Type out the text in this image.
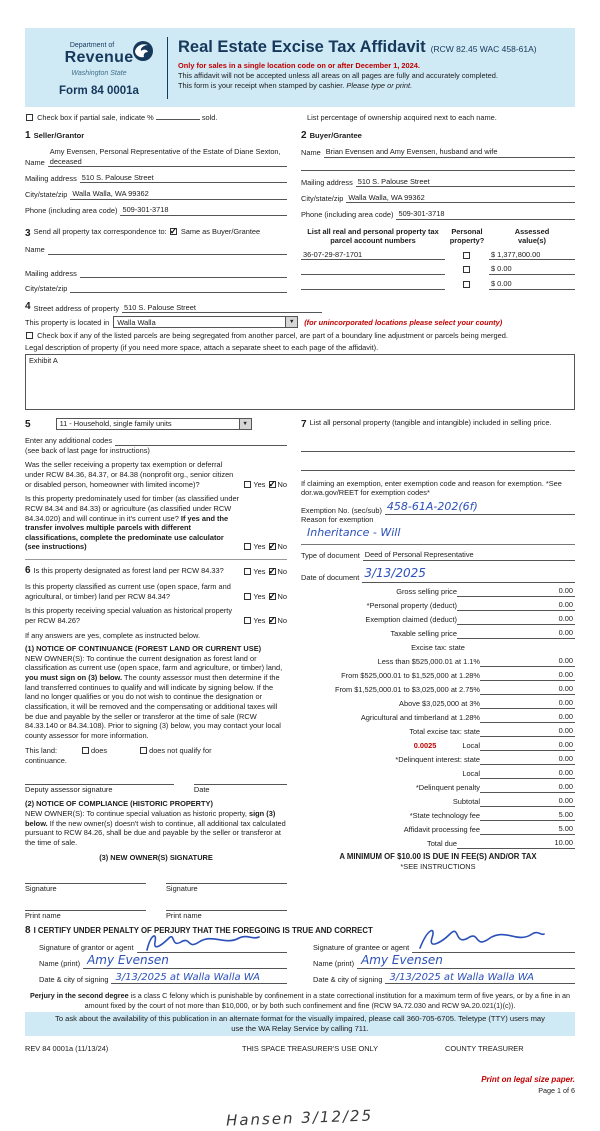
Department of
Revenue
Washington State
Form 84 0001a
Real Estate Excise Tax Affidavit (RCW 82.45 WAC 458-61A)
Only for sales in a single location code on or after December 1, 2024.
This affidavit will not be accepted unless all areas on all pages are fully and accurately completed.
This form is your receipt when stamped by cashier. Please type or print.
Check box if partial sale, indicate %	sold.	List percentage of ownership acquired next to each name.
1 Seller/Grantor
Name
Amy Evensen, Personal Representative of the Estate of Diane Sexton, deceased
Mailing address 510 S. Palouse Street
City/state/zip Walla Walla, WA 99362
Phone (including area code) 509-301-3718
2 Buyer/Grantee
Name Brian Evensen and Amy Evensen, husband and wife
Mailing address 510 S. Palouse Street
City/state/zip Walla Walla, WA 99362
Phone (including area code) 509-301-3718
3 Send all property tax correspondence to: ✓ Same as Buyer/Grantee
Name
Mailing address
City/state/zip
List all real and personal property tax parcel account numbers
Personal
property?
Assessed
value(s)
36-07-29-87-1701	$ 1,377,800.00
$ 0.00
$ 0.00
4 Street address of property 510 S. Palouse Street
This property is located in	Walla Walla	▼	(for unincorporated locations please select your county)
Check box if any of the listed parcels are being segregated from another parcel, are part of a boundary line adjustment or parcels being merged.
Legal description of property (if you need more space, attach a separate sheet to each page of the affidavit).
Exhibit A
5	11 - Household, single family units	▼
Enter any additional codes
(see back of last page for instructions)
Was the seller receiving a property tax exemption or deferral under RCW 84.36, 84.37, or 84.38 (nonprofit org., senior citizen or disabled person, homeowner with limited income)?	Yes ✓ No
Is this property predominately used for timber (as classified under RCW 84.34 and 84.33) or agriculture (as classified under RCW 84.34.020) and will continue in it's current use? If yes and the transfer involves multiple parcels with different classifications, complete the predominate use calculator (see instructions)	Yes ✓ No
6 Is this property designated as forest land per RCW 84.33?	Yes ✓ No
Is this property classified as current use (open space, farm and agricultural, or timber) land per RCW 84.34?	Yes ✓ No
Is this property receiving special valuation as historical property per RCW 84.26?	Yes ✓ No
If any answers are yes, complete as instructed below.
(1) NOTICE OF CONTINUANCE (FOREST LAND OR CURRENT USE)
NEW OWNER(S): To continue the current designation as forest land or classification as current use (open space, farm and agriculture, or timber) land, you must sign on (3) below. The county assessor must then determine if the land transferred continues to qualify and will indicate by signing below. If the land no longer qualifies or you do not wish to continue the designation or classification, it will be removed and the compensating or additional taxes will be due and payable by the seller or transferor at the time of sale (RCW 84.33.140 or 84.34.108). Prior to signing (3) below, you may contact your local county assessor for more information.
This land:	does	does not qualify for
continuance.
Deputy assessor signature	Date
(2) NOTICE OF COMPLIANCE (HISTORIC PROPERTY)
NEW OWNER(S): To continue special valuation as historic property, sign (3) below. If the new owner(s) doesn't wish to continue, all additional tax calculated pursuant to RCW 84.26, shall be due and payable by the seller or transferor at the time of sale.
(3) NEW OWNER(S) SIGNATURE
Signature	Signature
Print name	Print name
7 List all personal property (tangible and intangible) included in selling price.
If claiming an exemption, enter exemption code and reason for exemption. *See dor.wa.gov/REET for exemption codes*
Exemption No. (sec/sub) 458-61A-202(6f)
Reason for exemption
Inheritance - Will
Type of document Deed of Personal Representative
Date of document 3/13/2025
Gross selling price	0.00
*Personal property (deduct)	0.00
Exemption claimed (deduct)	0.00
Taxable selling price	0.00
Excise tax: state
Less than $525,000.01 at 1.1%	0.00
From $525,000.01 to $1,525,000 at 1.28%	0.00
From $1,525,000.01 to $3,025,000 at 2.75%	0.00
Above $3,025,000 at 3%	0.00
Agricultural and timberland at 1.28%	0.00
Total excise tax: state	0.00
0.0025	Local	0.00
*Delinquent interest: state	0.00
Local	0.00
*Delinquent penalty	0.00
Subtotal	0.00
*State technology fee	5.00
Affidavit processing fee	5.00
Total due	10.00
A MINIMUM OF $10.00 IS DUE IN FEE(S) AND/OR TAX
*SEE INSTRUCTIONS
8 I CERTIFY UNDER PENALTY OF PERJURY THAT THE FOREGOING IS TRUE AND CORRECT
Signature of grantor or agent
Name (print) Amy Evensen
Date & city of signing 3/13/2025 at Walla Walla WA
Signature of grantee or agent
Name (print) Amy Evensen
Date & city of signing 3/13/2025 at Walla Walla WA
Perjury in the second degree is a class C felony which is punishable by confinement in a state correctional institution for a maximum term of five years, or by a fine in an amount fixed by the court of not more than $10,000, or by both such confinement and fine (RCW 9A.72.030 and RCW 9A.20.021(1)(c)).
To ask about the availability of this publication in an alternate format for the visually impaired, please call 360-705-6705. Teletype (TTY) users may use the WA Relay Service by calling 711.
REV 84 0001a (11/13/24)	THIS SPACE TREASURER'S USE ONLY	COUNTY TREASURER
Print on legal size paper.
Page 1 of 6
Hansen 3/12/25
